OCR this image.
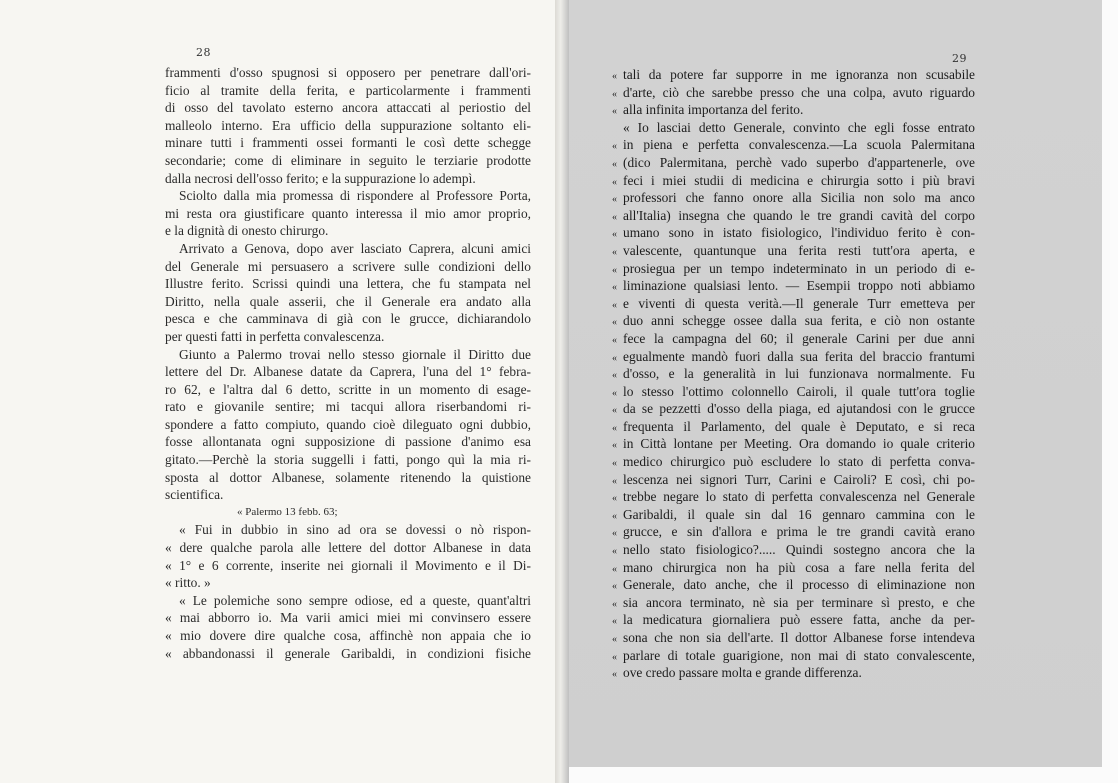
28
frammenti d'osso spugnosi si opposero per penetrare dall'ori-
ficio al tramite della ferita, e particolarmente i frammenti
di osso del tavolato esterno ancora attaccati al periostio del
malleolo interno. Era ufficio della suppurazione soltanto eli-
minare tutti i frammenti ossei formanti le così dette schegge
secondarie; come di eliminare in seguito le terziarie prodotte
dalla necrosi dell'osso ferito; e la suppurazione lo adempì.
Sciolto dalla mia promessa di rispondere al Professore Porta,
mi resta ora giustificare quanto interessa il mio amor proprio,
e la dignità di onesto chirurgo.
Arrivato a Genova, dopo aver lasciato Caprera, alcuni amici
del Generale mi persuasero a scrivere sulle condizioni dello
Illustre ferito. Scrissi quindi una lettera, che fu stampata nel
Diritto, nella quale asserii, che il Generale era andato alla
pesca e che camminava di già con le grucce, dichiarandolo
per questi fatti in perfetta convalescenza.
Giunto a Palermo trovai nello stesso giornale il Diritto due
lettere del Dr. Albanese datate da Caprera, l'una del 1° febra-
ro 62, e l'altra dal 6 detto, scritte in un momento di esage-
rato e giovanile sentire; mi tacqui allora riserbandomi ri-
spondere a fatto compiuto, quando cioè dileguato ogni dubbio,
fosse allontanata ogni supposizione di passione d'animo esa
gitato.—Perchè la storia suggelli i fatti, pongo quì la mia ri-
sposta al dottor Albanese, solamente ritenendo la quistione
scientifica.
« Palermo 13 febb. 63;
« Fui in dubbio in sino ad ora se dovessi o nò rispon-
« dere qualche parola alle lettere del dottor Albanese in data
« 1° e 6 corrente, inserite nei giornali il Movimento e il Di-
« ritto. »
« Le polemiche sono sempre odiose, ed a queste, quant'altri
« mai abborro io. Ma varii amici miei mi convinsero essere
« mio dovere dire qualche cosa, affinchè non appaia che io
« abbandonassi il generale Garibaldi, in condizioni fisiche
29
« tali da potere far supporre in me ignoranza non scusabile
« d'arte, ciò che sarebbe presso che una colpa, avuto riguardo
« alla infinita importanza del ferito.
« Io lasciai detto Generale, convinto che egli fosse entrato
« in piena e perfetta convalescenza.—La scuola Palermitana
« (dico Palermitana, perchè vado superbo d'appartenerle, ove
« feci i miei studii di medicina e chirurgia sotto i più bravi
« professori che fanno onore alla Sicilia non solo ma anco
« all'Italia) insegna che quando le tre grandi cavità del corpo
« umano sono in istato fisiologico, l'individuo ferito è con-
« valescente, quantunque una ferita resti tutt'ora aperta, e
« prosiegua per un tempo indeterminato in un periodo di e-
« liminazione qualsiasi lento. — Esempii troppo noti abbiamo
« e viventi di questa verità.—Il generale Turr emetteva per
« duo anni schegge ossee dalla sua ferita, e ciò non ostante
« fece la campagna del 60; il generale Carini per due anni
« egualmente mandò fuori dalla sua ferita del braccio frantumi
« d'osso, e la generalità in lui funzionava normalmente. Fu
« lo stesso l'ottimo colonnello Cairoli, il quale tutt'ora toglie
« da se pezzetti d'osso della piaga, ed ajutandosi con le grucce
« frequenta il Parlamento, del quale è Deputato, e si reca
« in Città lontane per Meeting. Ora domando io quale criterio
« medico chirurgico può escludere lo stato di perfetta conva-
« lescenza nei signori Turr, Carini e Cairoli? E così, chi po-
« trebbe negare lo stato di perfetta convalescenza nel Generale
« Garibaldi, il quale sin dal 16 gennaro cammina con le
« grucce, e sin d'allora e prima le tre grandi cavità erano
« nello stato fisiologico?..... Quindi sostegno ancora che la
« mano chirurgica non ha più cosa a fare nella ferita del
« Generale, dato anche, che il processo di eliminazione non
« sia ancora terminato, nè sia per terminare sì presto, e che
« la medicatura giornaliera può essere fatta, anche da per-
« sona che non sia dell'arte. Il dottor Albanese forse intendeva
« parlare di totale guarigione, non mai di stato convalescente,
« ove credo passare molta e grande differenza.
